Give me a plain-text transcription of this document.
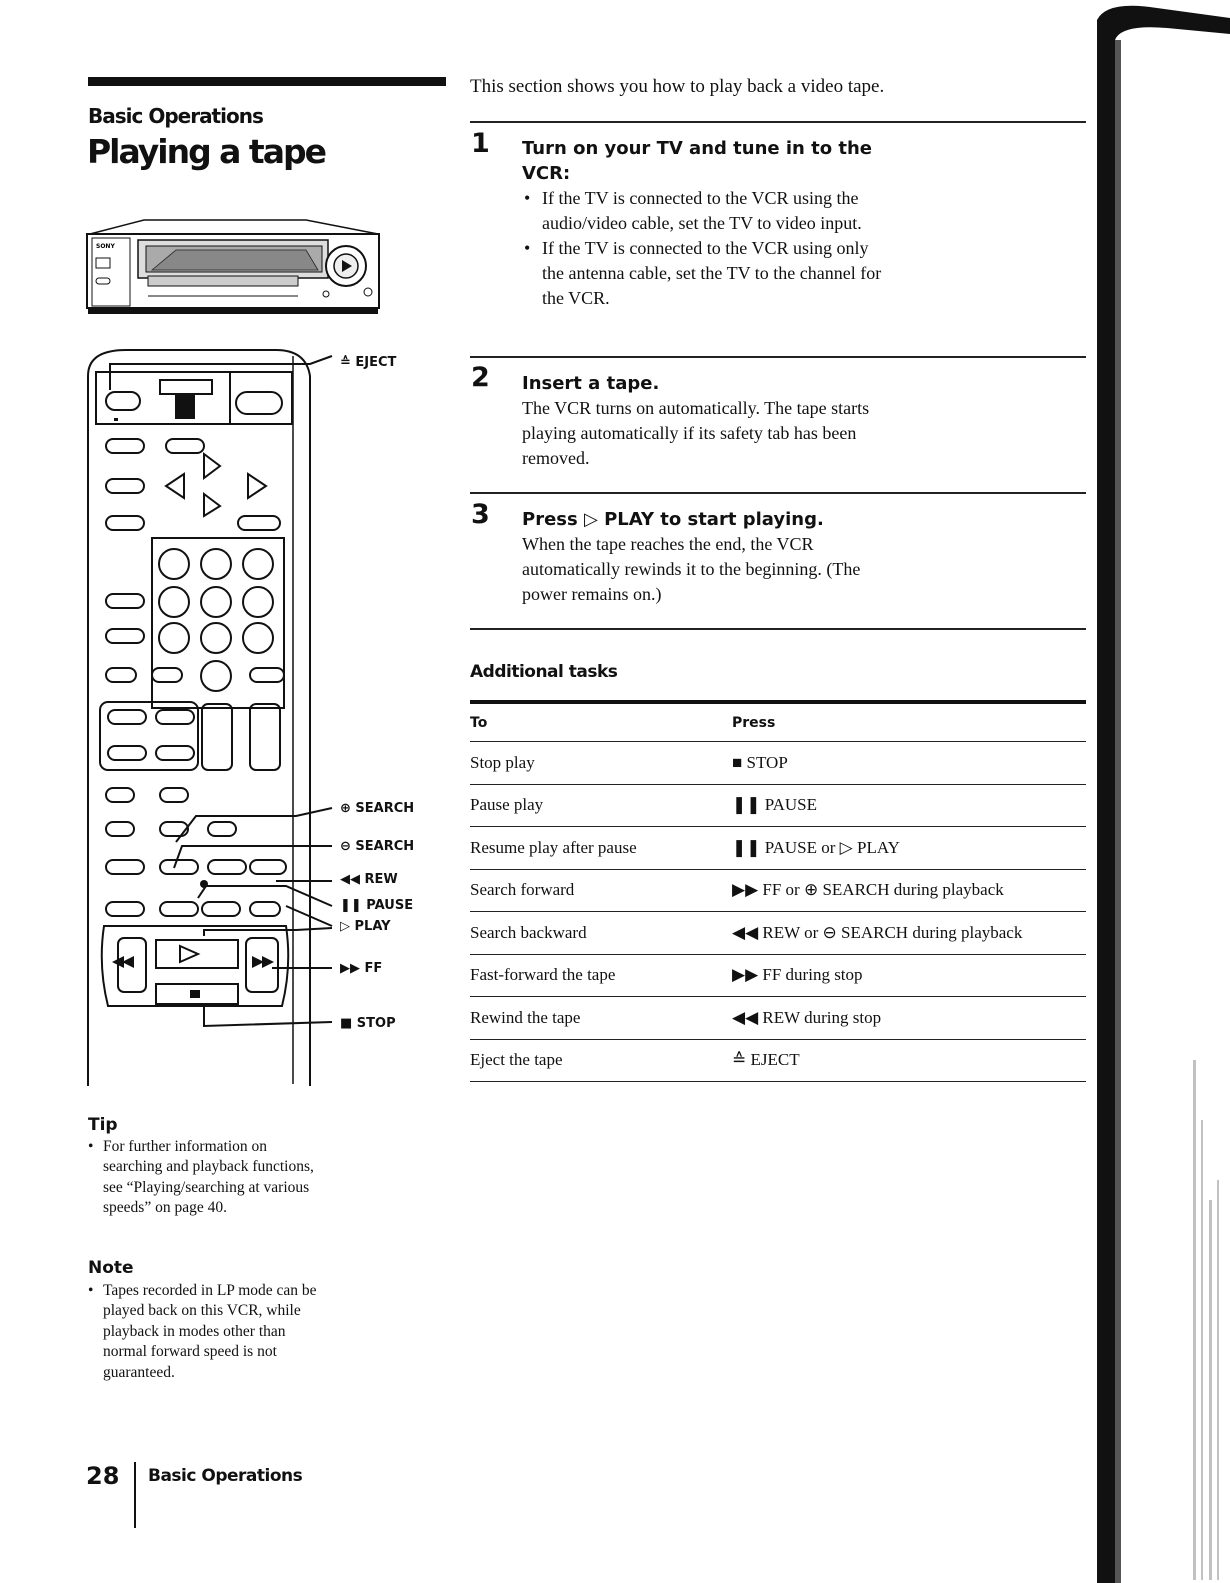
Basic Operations
Playing a tape
SONY
≙ EJECT
⊕ SEARCH
⊖ SEARCH
◀◀ REW
❚❚ PAUSE
▷ PLAY
▶▶ FF
■ STOP
Tip
• For further information on searching and playback functions, see “Playing/searching at various speeds” on page 40.
Note
• Tapes recorded in LP mode can be played back on this VCR, while playback in modes other than normal forward speed is not guaranteed.
28 Basic Operations
This section shows you how to play back a video tape.
1 Turn on your TV and tune in to the VCR:
• If the TV is connected to the VCR using the audio/video cable, set the TV to video input.
• If the TV is connected to the VCR using only the antenna cable, set the TV to the channel for the VCR.
2 Insert a tape.
The VCR turns on automatically. The tape starts playing automatically if its safety tab has been removed.
3 Press ▷ PLAY to start playing.
When the tape reaches the end, the VCR automatically rewinds it to the beginning. (The power remains on.)
Additional tasks

To	Press
Stop play	■ STOP
Pause play	❚❚ PAUSE
Resume play after pause	❚❚ PAUSE or ▷ PLAY
Search forward	▶▶ FF or ⊕ SEARCH during playback
Search backward	◀◀ REW or ⊖ SEARCH during playback
Fast-forward the tape	▶▶ FF during stop
Rewind the tape	◀◀ REW during stop
Eject the tape	≙ EJECT
